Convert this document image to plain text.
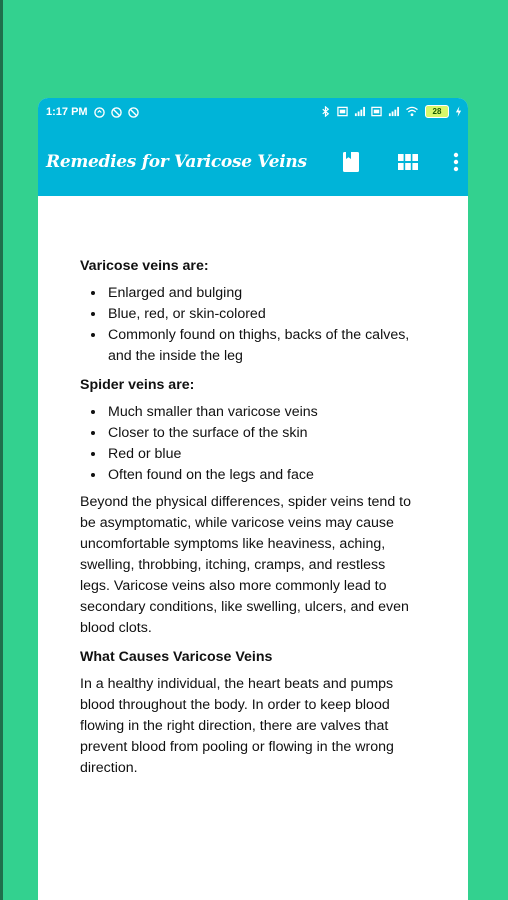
1:17 PM	28
Remedies for Varicose Veins
Varicose veins are:
• Enlarged and bulging
• Blue, red, or skin-colored
• Commonly found on thighs, backs of the calves, and the inside the leg
Spider veins are:
• Much smaller than varicose veins
• Closer to the surface of the skin
• Red or blue
• Often found on the legs and face

Beyond the physical differences, spider veins tend to be asymptomatic, while varicose veins may cause uncomfortable symptoms like heaviness, aching, swelling, throbbing, itching, cramps, and restless legs. Varicose veins also more commonly lead to secondary conditions, like swelling, ulcers, and even blood clots.

What Causes Varicose Veins

In a healthy individual, the heart beats and pumps blood throughout the body. In order to keep blood flowing in the right direction, there are valves that prevent blood from pooling or flowing in the wrong direction.
